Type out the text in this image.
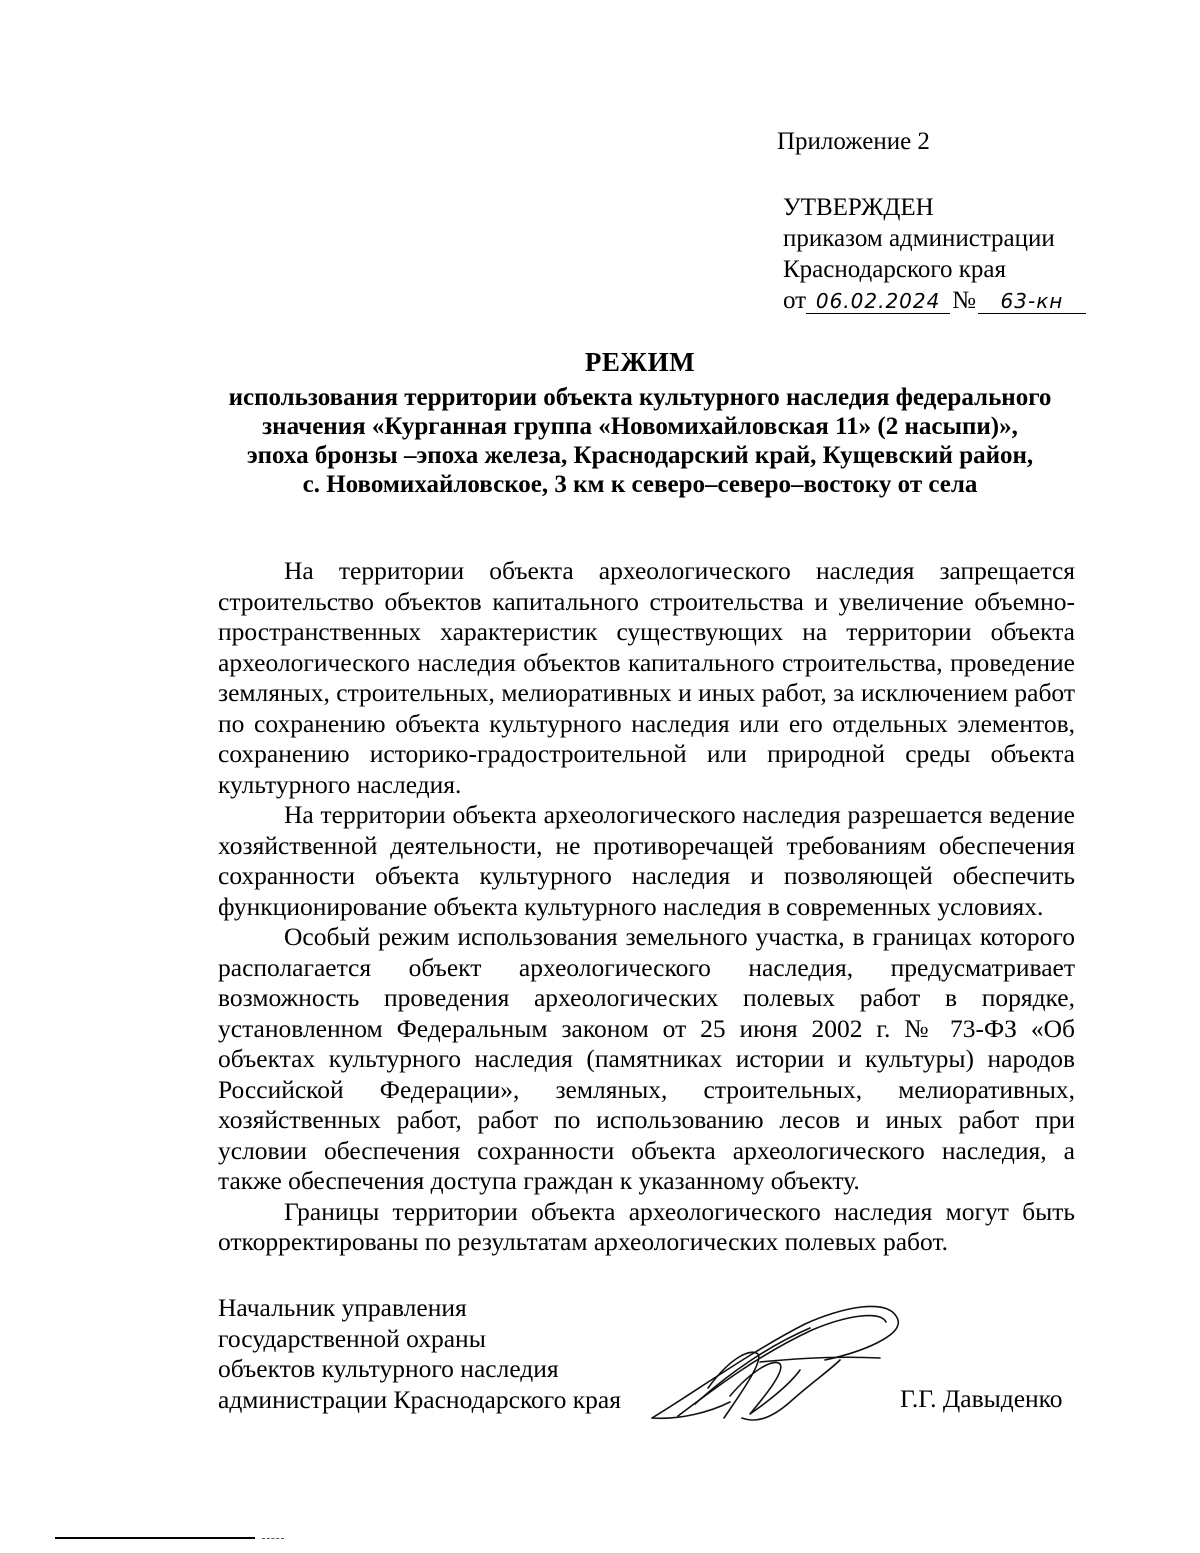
Приложение 2
УТВЕРЖДЕН
приказом администрации
Краснодарского края
от 06.02.2024 № 63-кн
РЕЖИМ
использования территории объекта культурного наследия федерального
значения «Курганная группа «Новомихайловская 11» (2 насыпи)»,
эпоха бронзы –эпоха железа, Краснодарский край, Кущевский район,
с. Новомихайловское, 3 км к северо–северо–востоку от села

На территории объекта археологического наследия запрещается строительство объектов капитального строительства и увеличение объемно-пространственных характеристик существующих на территории объекта археологического наследия объектов капитального строительства, проведение земляных, строительных, мелиоративных и иных работ, за исключением работ по сохранению объекта культурного наследия или его отдельных элементов, сохранению историко-градостроительной или природной среды объекта культурного наследия.

На территории объекта археологического наследия разрешается ведение хозяйственной деятельности, не противоречащей требованиям обеспечения сохранности объекта культурного наследия и позволяющей обеспечить функционирование объекта культурного наследия в современных условиях.

Особый режим использования земельного участка, в границах которого располагается объект археологического наследия, предусматривает возможность проведения археологических полевых работ в порядке, установленном Федеральным законом от 25 июня 2002 г. № 73-ФЗ «Об объектах культурного наследия (памятниках истории и культуры) народов Российской Федерации», земляных, строительных, мелиоративных, хозяйственных работ, работ по использованию лесов и иных работ при условии обеспечения сохранности объекта археологического наследия, а также обеспечения доступа граждан к указанному объекту.

Границы территории объекта археологического наследия могут быть откорректированы по результатам археологических полевых работ.

Начальник управления
государственной охраны
объектов культурного наследия
администрации Краснодарского края	Г.Г. Давыденко
